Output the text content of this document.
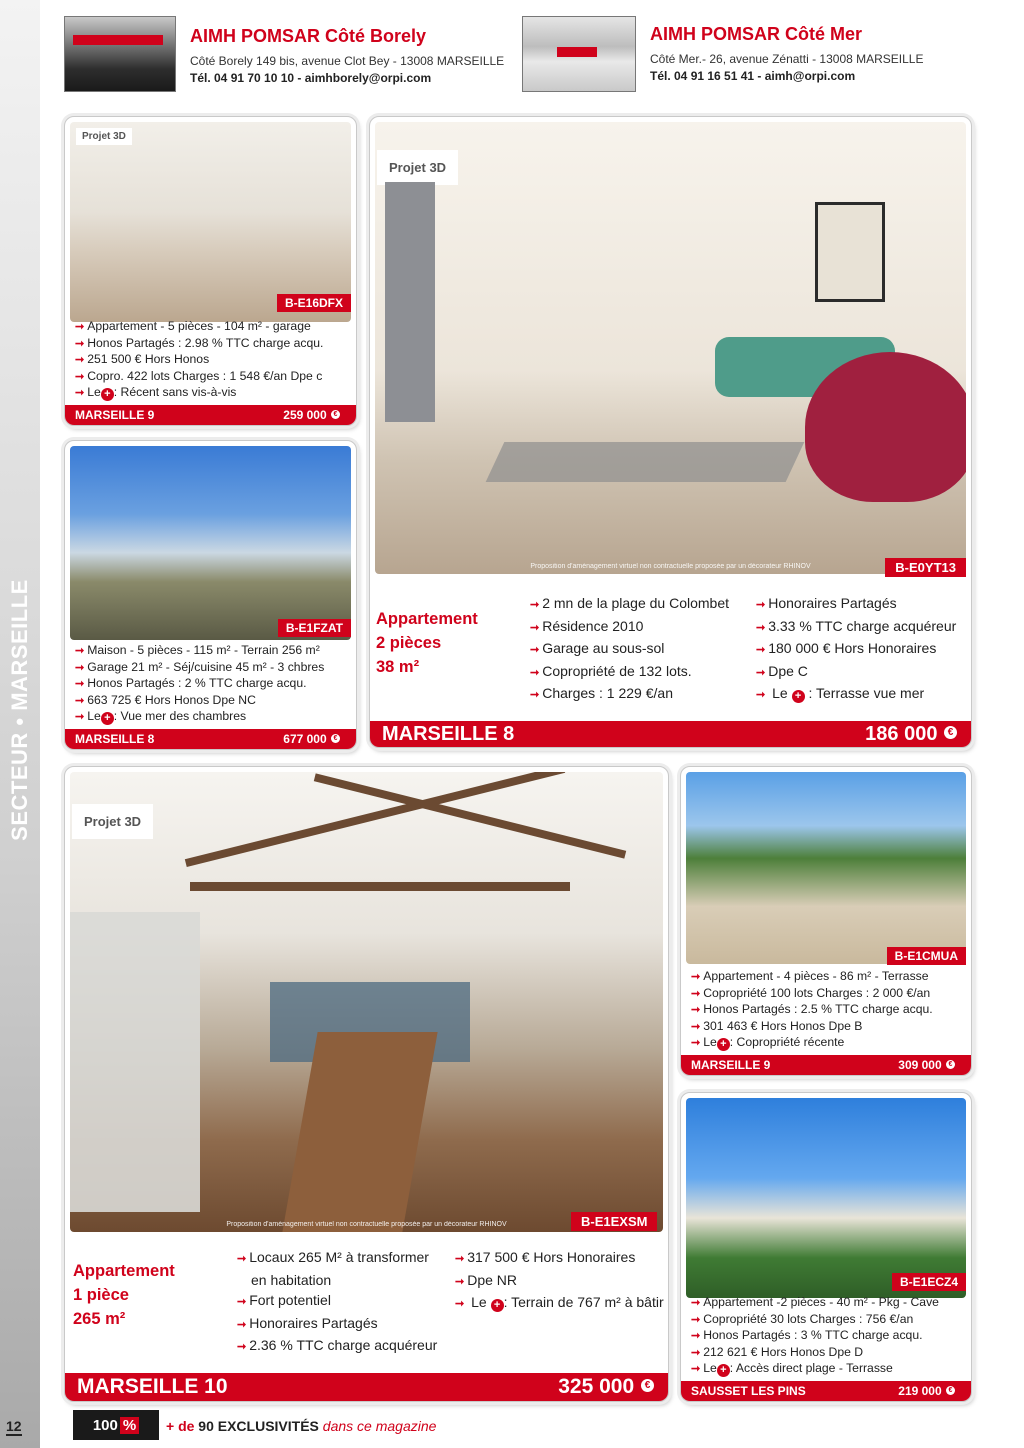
SECTEUR • MARSEILLE
12
AIMH POMSAR Côté Borely
Côté Borely 149 bis, avenue Clot Bey - 13008 MARSEILLE
Tél. 04 91 70 10 10 - aimhborely@orpi.com
AIMH POMSAR Côté Mer
Côté Mer.- 26, avenue Zénatti - 13008 MARSEILLE
Tél. 04 91 16 51 41 - aimh@orpi.com
Projet 3D
B-E16DFX
➞ Appartement - 5 pièces - 104 m² - garage
➞ Honos Partagés : 2.98 % TTC charge acqu.
➞ 251 500 € Hors Honos
➞ Copro. 422 lots Charges : 1 548 €/an Dpe c
➞ Le + : Récent sans vis-à-vis
MARSEILLE 9	259 000 €
B-E1FZAT
➞ Maison - 5 pièces - 115 m² - Terrain 256 m²
➞ Garage 21 m² - Séj/cuisine 45 m² - 3 chbres
➞ Honos Partagés : 2 % TTC charge acqu.
➞ 663 725 € Hors Honos Dpe NC
➞ Le + : Vue mer des chambres
MARSEILLE 8	677 000 €
Projet 3D
Proposition d'aménagement virtuel non contractuelle proposée par un décorateur RHINOV	B-E0YT13
Appartement
2 pièces
38 m²
➞ 2 mn de la plage du Colombet
➞ Résidence 2010
➞ Garage au sous-sol
➞ Copropriété de 132 lots.
➞ Charges : 1 229 €/an
➞ Honoraires Partagés
➞ 3.33 % TTC charge acquéreur
➞ 180 000 € Hors Honoraires
➞ Dpe C
➞ Le + : Terrasse vue mer
MARSEILLE 8	186 000 €
Projet 3D
Proposition d'aménagement virtuel non contractuelle proposée par un décorateur RHINOV	B-E1EXSM
Appartement
1 pièce
265 m²
➞ Locaux 265 M² à transformer
en habitation
➞ Fort potentiel
➞ Honoraires Partagés
➞ 2.36 % TTC charge acquéreur
➞ 317 500 € Hors Honoraires
➞ Dpe NR
➞ Le + : Terrain de 767 m² à bâtir
MARSEILLE 10	325 000 €
B-E1CMUA
➞ Appartement - 4 pièces - 86 m² - Terrasse
➞ Copropriété 100 lots Charges : 2 000 €/an
➞ Honos Partagés : 2.5 % TTC charge acqu.
➞ 301 463 € Hors Honos Dpe B
➞ Le + : Copropriété récente
MARSEILLE 9	309 000 €
B-E1ECZ4
➞ Appartement -2 pièces - 40 m² - Pkg - Cave
➞ Copropriété 30 lots Charges : 756 €/an
➞ Honos Partagés : 3 % TTC charge acqu.
➞ 212 621 € Hors Honos Dpe D
➞ Le + : Accès direct plage - Terrasse
SAUSSET LES PINS	219 000 €
100 % + de 90 EXCLUSIVITÉS dans ce magazine
